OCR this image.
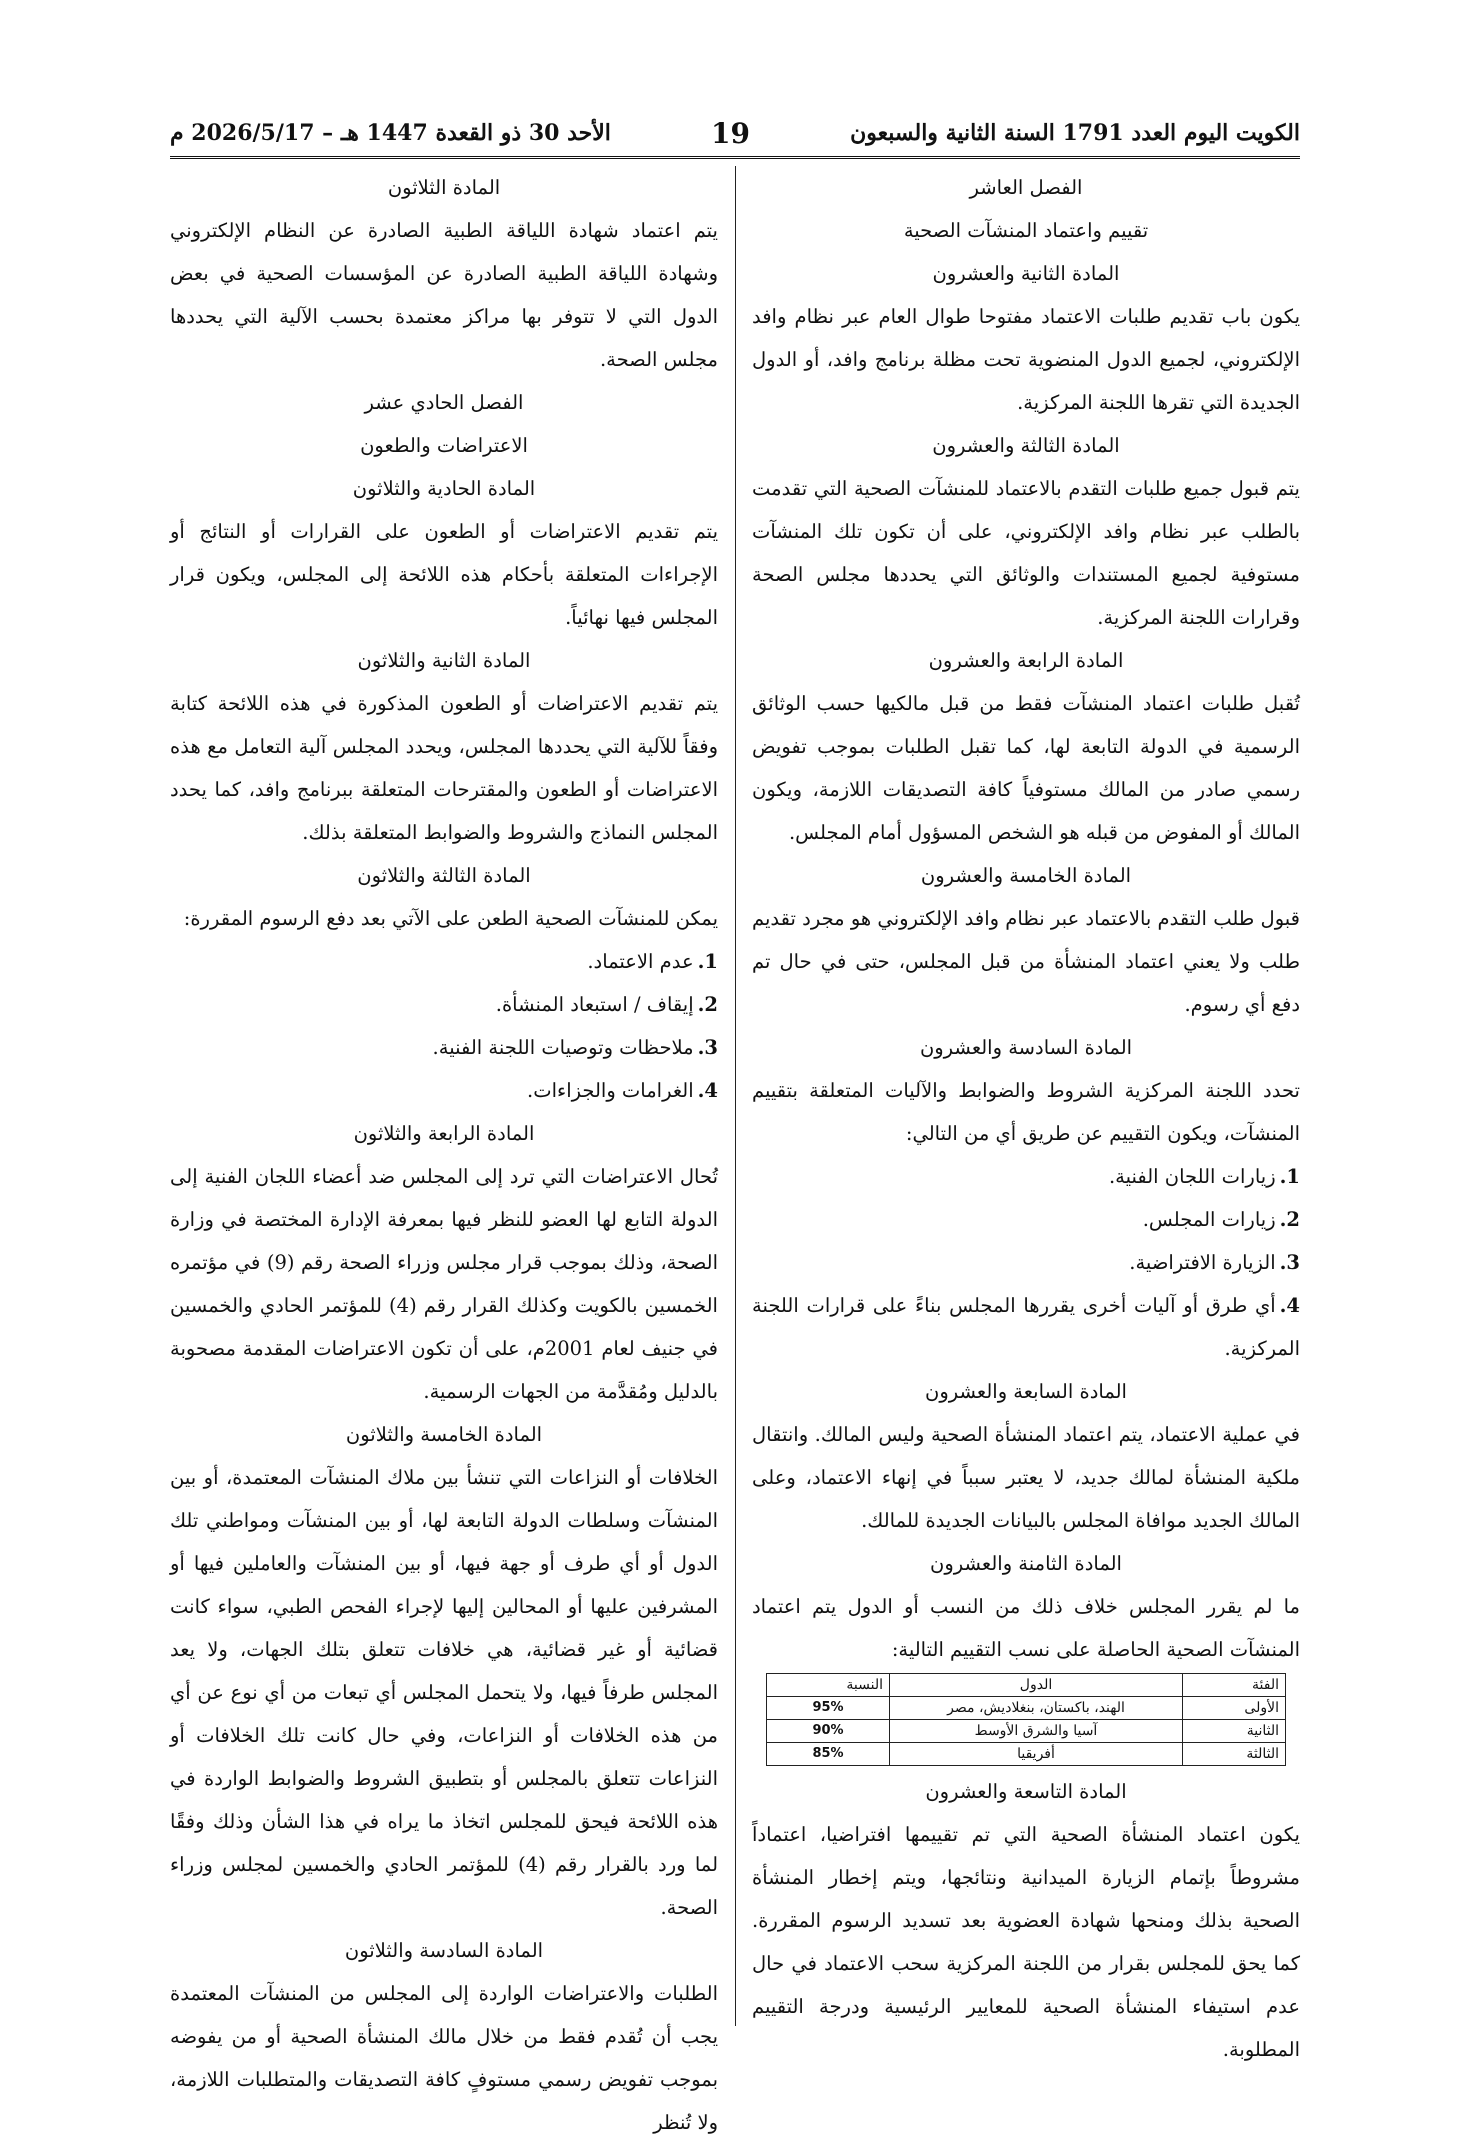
الأحد 30 ذو القعدة 1447 هـ – 2026/5/17 م	19	الكويت اليوم العدد 1791 السنة الثانية والسبعون

الفصل العاشر

تقييم واعتماد المنشآت الصحية

المادة الثانية والعشرون

يكون باب تقديم طلبات الاعتماد مفتوحا طوال العام عبر نظام وافد الإلكتروني، لجميع الدول المنضوية تحت مظلة برنامج وافد، أو الدول الجديدة التي تقرها اللجنة المركزية.

المادة الثالثة والعشرون

يتم قبول جميع طلبات التقدم بالاعتماد للمنشآت الصحية التي تقدمت بالطلب عبر نظام وافد الإلكتروني، على أن تكون تلك المنشآت مستوفية لجميع المستندات والوثائق التي يحددها مجلس الصحة وقرارات اللجنة المركزية.

المادة الرابعة والعشرون

تُقبل طلبات اعتماد المنشآت فقط من قبل مالكيها حسب الوثائق الرسمية في الدولة التابعة لها، كما تقبل الطلبات بموجب تفويض رسمي صادر من المالك مستوفياً كافة التصديقات اللازمة، ويكون المالك أو المفوض من قبله هو الشخص المسؤول أمام المجلس.

المادة الخامسة والعشرون

قبول طلب التقدم بالاعتماد عبر نظام وافد الإلكتروني هو مجرد تقديم طلب ولا يعني اعتماد المنشأة من قبل المجلس، حتى في حال تم دفع أي رسوم.

المادة السادسة والعشرون

تحدد اللجنة المركزية الشروط والضوابط والآليات المتعلقة بتقييم المنشآت، ويكون التقييم عن طريق أي من التالي:

1.زيارات اللجان الفنية.

2.زيارات المجلس.

3.الزيارة الافتراضية.

4.أي طرق أو آليات أخرى يقررها المجلس بناءً على قرارات اللجنة المركزية.

المادة السابعة والعشرون

في عملية الاعتماد، يتم اعتماد المنشأة الصحية وليس المالك. وانتقال ملكية المنشأة لمالك جديد، لا يعتبر سبباً في إنهاء الاعتماد، وعلى المالك الجديد موافاة المجلس بالبيانات الجديدة للمالك.

المادة الثامنة والعشرون

ما لم يقرر المجلس خلاف ذلك من النسب أو الدول يتم اعتماد المنشآت الصحية الحاصلة على نسب التقييم التالية:

الفئة	الدول	النسبة
الأولى	الهند، باكستان، بنغلاديش، مصر	95%
الثانية	آسيا والشرق الأوسط	90%
الثالثة	أفريقيا	85%

المادة التاسعة والعشرون

يكون اعتماد المنشأة الصحية التي تم تقييمها افتراضيا، اعتماداً مشروطاً بإتمام الزيارة الميدانية ونتائجها، ويتم إخطار المنشأة الصحية بذلك ومنحها شهادة العضوية بعد تسديد الرسوم المقررة. كما يحق للمجلس بقرار من اللجنة المركزية سحب الاعتماد في حال عدم استيفاء المنشأة الصحية للمعايير الرئيسية ودرجة التقييم المطلوبة.

المادة الثلاثون

يتم اعتماد شهادة اللياقة الطبية الصادرة عن النظام الإلكتروني وشهادة اللياقة الطبية الصادرة عن المؤسسات الصحية في بعض الدول التي لا تتوفر بها مراكز معتمدة بحسب الآلية التي يحددها مجلس الصحة.

الفصل الحادي عشر

الاعتراضات والطعون

المادة الحادية والثلاثون

يتم تقديم الاعتراضات أو الطعون على القرارات أو النتائج أو الإجراءات المتعلقة بأحكام هذه اللائحة إلى المجلس، ويكون قرار المجلس فيها نهائياً.

المادة الثانية والثلاثون

يتم تقديم الاعتراضات أو الطعون المذكورة في هذه اللائحة كتابة وفقاً للآلية التي يحددها المجلس، ويحدد المجلس آلية التعامل مع هذه الاعتراضات أو الطعون والمقترحات المتعلقة ببرنامج وافد، كما يحدد المجلس النماذج والشروط والضوابط المتعلقة بذلك.

المادة الثالثة والثلاثون

يمكن للمنشآت الصحية الطعن على الآتي بعد دفع الرسوم المقررة:

1.عدم الاعتماد.

2.إيقاف / استبعاد المنشأة.

3.ملاحظات وتوصيات اللجنة الفنية.

4.الغرامات والجزاءات.

المادة الرابعة والثلاثون

تُحال الاعتراضات التي ترد إلى المجلس ضد أعضاء اللجان الفنية إلى الدولة التابع لها العضو للنظر فيها بمعرفة الإدارة المختصة في وزارة الصحة، وذلك بموجب قرار مجلس وزراء الصحة رقم (9) في مؤتمره الخمسين بالكويت وكذلك القرار رقم (4) للمؤتمر الحادي والخمسين في جنيف لعام 2001م، على أن تكون الاعتراضات المقدمة مصحوبة بالدليل ومُقدَّمة من الجهات الرسمية.

المادة الخامسة والثلاثون

الخلافات أو النزاعات التي تنشأ بين ملاك المنشآت المعتمدة، أو بين المنشآت وسلطات الدولة التابعة لها، أو بين المنشآت ومواطني تلك الدول أو أي طرف أو جهة فيها، أو بين المنشآت والعاملين فيها أو المشرفين عليها أو المحالين إليها لإجراء الفحص الطبي، سواء كانت قضائية أو غير قضائية، هي خلافات تتعلق بتلك الجهات، ولا يعد المجلس طرفاً فيها، ولا يتحمل المجلس أي تبعات من أي نوع عن أي من هذه الخلافات أو النزاعات، وفي حال كانت تلك الخلافات أو النزاعات تتعلق بالمجلس أو بتطبيق الشروط والضوابط الواردة في هذه اللائحة فيحق للمجلس اتخاذ ما يراه في هذا الشأن وذلك وفقًا لما ورد بالقرار رقم (4) للمؤتمر الحادي والخمسين لمجلس وزراء الصحة.

المادة السادسة والثلاثون

الطلبات والاعتراضات الواردة إلى المجلس من المنشآت المعتمدة يجب أن تُقدم فقط من خلال مالك المنشأة الصحية أو من يفوضه بموجب تفويض رسمي مستوفٍ كافة التصديقات والمتطلبات اللازمة، ولا تُنظر
